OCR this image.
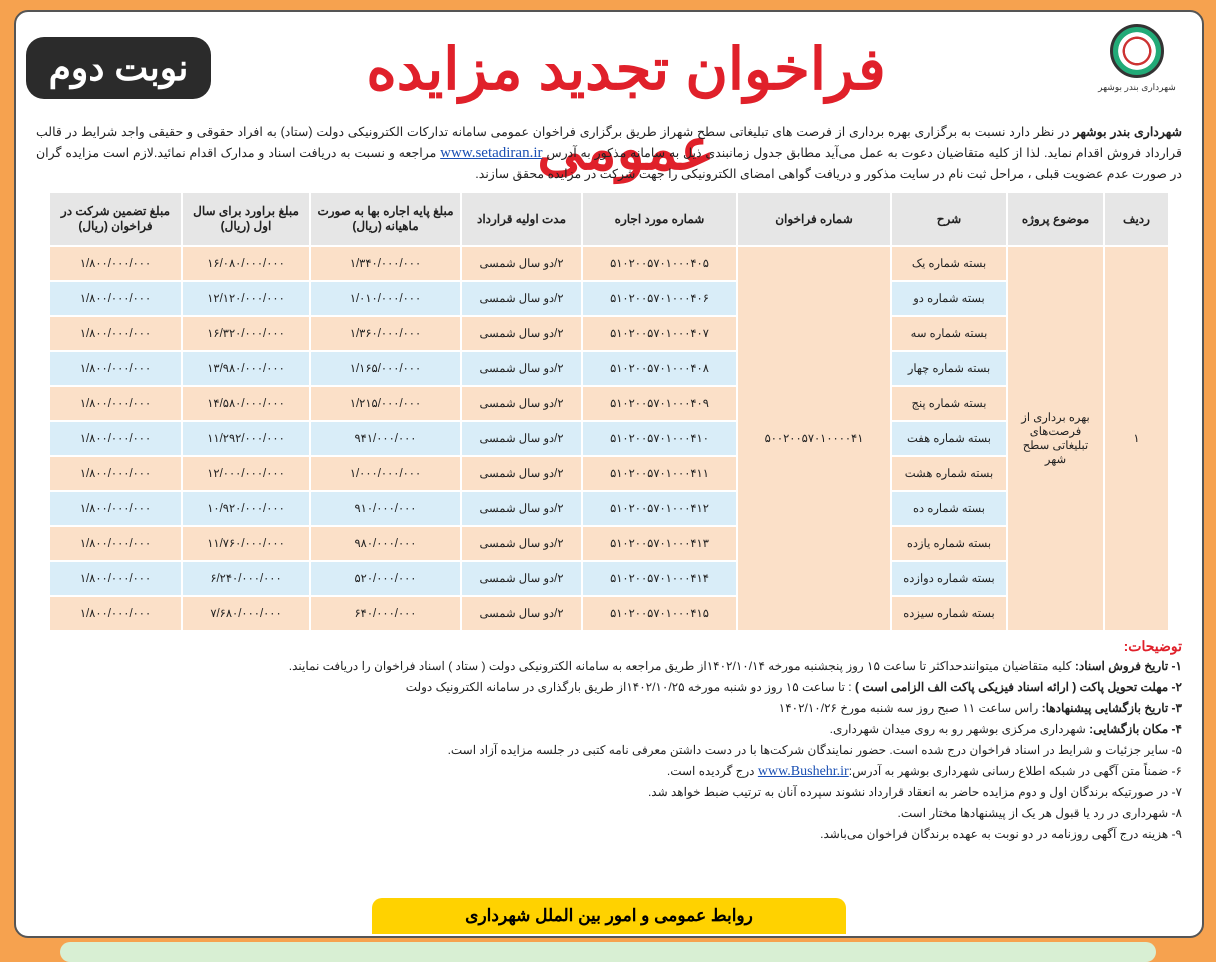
شهرداری بندر بوشهر
فراخوان تجدید مزایده عمومی
نوبت دوم
شهرداری بندر بوشهر در نظر دارد نسبت به برگزاری بهره برداری از فرصت های تبلیغاتی سطح شهراز طریق برگزاری فراخوان عمومی سامانه تدارکات الکترونیکی دولت (ستاد) به افراد حقوقی و حقیقی واجد شرایط در قالب قرارداد فروش اقدام نماید. لذا از کلیه متقاضیان دعوت به عمل می‌آید مطابق جدول زمانبندی ذیل به سامانه مذکور به آدرس www.setadiran.ir مراجعه و نسبت به دریافت اسناد و مدارک اقدام نمائید.لازم است مزایده گران در صورت عدم عضویت قبلی ، مراحل ثبت نام در سایت مذکور و دریافت گواهی امضای الکترونیکی را جهت شرکت در مزایده محقق سازند.
ردیف	موضوع پروژه	شرح	شماره فراخوان	شماره مورد اجاره	مدت اولیه قرارداد	مبلغ پایه اجاره بها به صورت ماهیانه (ریال)	مبلغ براورد برای سال اول (ریال)	مبلغ تضمین شرکت در فراخوان (ریال)
۱	بهره برداری از فرصت‌های تبلیغاتی سطح شهر	بسته شماره یک	۵۰۰۲۰۰۵۷۰۱۰۰۰۰۴۱	۵۱۰۲۰۰۵۷۰۱۰۰۰۴۰۵	۲/دو سال شمسی	۱/۳۴۰/۰۰۰/۰۰۰	۱۶/۰۸۰/۰۰۰/۰۰۰	۱/۸۰۰/۰۰۰/۰۰۰
		بسته شماره دو		۵۱۰۲۰۰۵۷۰۱۰۰۰۴۰۶	۲/دو سال شمسی	۱/۰۱۰/۰۰۰/۰۰۰	۱۲/۱۲۰/۰۰۰/۰۰۰	۱/۸۰۰/۰۰۰/۰۰۰
		بسته شماره سه		۵۱۰۲۰۰۵۷۰۱۰۰۰۴۰۷	۲/دو سال شمسی	۱/۳۶۰/۰۰۰/۰۰۰	۱۶/۳۲۰/۰۰۰/۰۰۰	۱/۸۰۰/۰۰۰/۰۰۰
		بسته شماره چهار		۵۱۰۲۰۰۵۷۰۱۰۰۰۴۰۸	۲/دو سال شمسی	۱/۱۶۵/۰۰۰/۰۰۰	۱۳/۹۸۰/۰۰۰/۰۰۰	۱/۸۰۰/۰۰۰/۰۰۰
		بسته شماره پنج		۵۱۰۲۰۰۵۷۰۱۰۰۰۴۰۹	۲/دو سال شمسی	۱/۲۱۵/۰۰۰/۰۰۰	۱۴/۵۸۰/۰۰۰/۰۰۰	۱/۸۰۰/۰۰۰/۰۰۰
		بسته شماره هفت		۵۱۰۲۰۰۵۷۰۱۰۰۰۴۱۰	۲/دو سال شمسی	۹۴۱/۰۰۰/۰۰۰	۱۱/۲۹۲/۰۰۰/۰۰۰	۱/۸۰۰/۰۰۰/۰۰۰
		بسته شماره هشت		۵۱۰۲۰۰۵۷۰۱۰۰۰۴۱۱	۲/دو سال شمسی	۱/۰۰۰/۰۰۰/۰۰۰	۱۲/۰۰۰/۰۰۰/۰۰۰	۱/۸۰۰/۰۰۰/۰۰۰
		بسته شماره ده		۵۱۰۲۰۰۵۷۰۱۰۰۰۴۱۲	۲/دو سال شمسی	۹۱۰/۰۰۰/۰۰۰	۱۰/۹۲۰/۰۰۰/۰۰۰	۱/۸۰۰/۰۰۰/۰۰۰
		بسته شماره یازده		۵۱۰۲۰۰۵۷۰۱۰۰۰۴۱۳	۲/دو سال شمسی	۹۸۰/۰۰۰/۰۰۰	۱۱/۷۶۰/۰۰۰/۰۰۰	۱/۸۰۰/۰۰۰/۰۰۰
		بسته شماره دوازده		۵۱۰۲۰۰۵۷۰۱۰۰۰۴۱۴	۲/دو سال شمسی	۵۲۰/۰۰۰/۰۰۰	۶/۲۴۰/۰۰۰/۰۰۰	۱/۸۰۰/۰۰۰/۰۰۰
		بسته شماره سیزده		۵۱۰۲۰۰۵۷۰۱۰۰۰۴۱۵	۲/دو سال شمسی	۶۴۰/۰۰۰/۰۰۰	۷/۶۸۰/۰۰۰/۰۰۰	۱/۸۰۰/۰۰۰/۰۰۰
توضیحات:
۱- تاریخ فروش اسناد: کلیه متقاضیان میتوانندحداکثر تا ساعت ۱۵ روز پنجشنبه مورخه ۱۴۰۲/۱۰/۱۴از طریق مراجعه به سامانه الکترونیکی دولت ( ستاد ) اسناد فراخوان را دریافت نمایند.
۲- مهلت تحویل پاکت ( ارائه اسناد فیزیکی پاکت الف الزامی است ) : تا ساعت ۱۵ روز دو شنبه مورخه ۱۴۰۲/۱۰/۲۵از طریق بارگذاری در سامانه الکترونیک دولت
۳- تاریخ بازگشایی پیشنهادها: راس ساعت ۱۱ صبح روز سه شنبه مورخ ۱۴۰۲/۱۰/۲۶
۴- مکان بازگشایی: شهرداری مرکزی بوشهر رو به روی میدان شهرداری.
۵- سایر جزئیات و شرایط در اسناد فراخوان درج شده است. حضور نمایندگان شرکت‌ها با در دست داشتن معرفی نامه کتبی در جلسه مزایده آزاد است.
۶- ضمناً متن آگهی در شبکه اطلاع رسانی شهرداری بوشهر به آدرس:www.Bushehr.ir درج گردیده است.
۷- در صورتیکه برندگان اول و دوم مزایده حاضر به انعقاد قرارداد نشوند سپرده آنان به ترتیب ضبط خواهد شد.
۸- شهرداری در رد یا قبول هر یک از پیشنهادها مختار است.
۹- هزینه درج آگهی روزنامه در دو نوبت به عهده برندگان فراخوان می‌باشد.
روابط عمومی و امور بین الملل شهرداری
